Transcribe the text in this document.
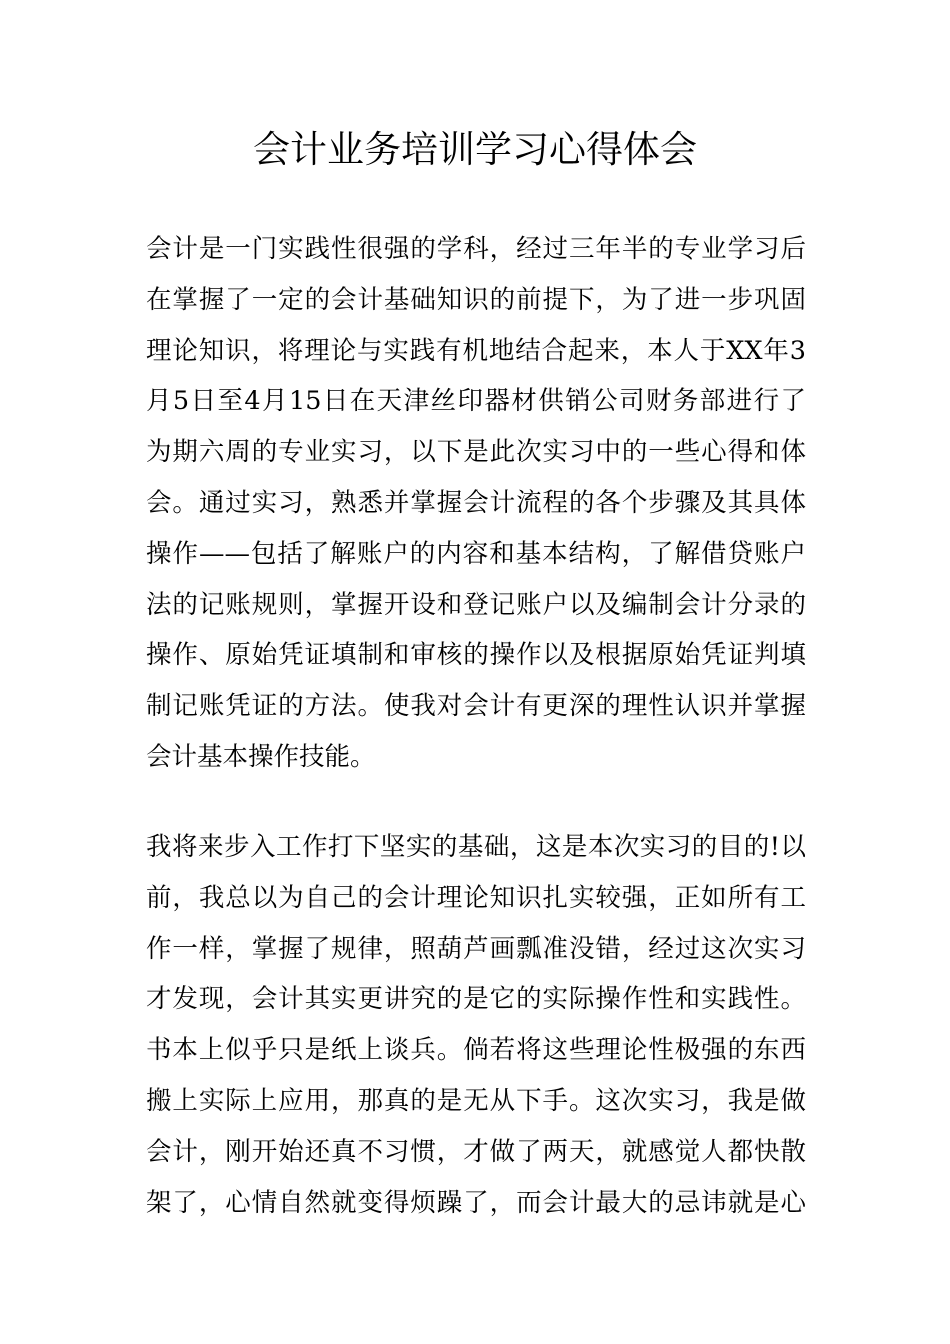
会计业务培训学习心得体会
会计是一门实践性很强的学科，经过三年半的专业学习后
在掌握了一定的会计基础知识的前提下，为了进一步巩固
理论知识，将理论与实践有机地结合起来，本人于XX年3
月5日至4月15日在天津丝印器材供销公司财务部进行了
为期六周的专业实习，以下是此次实习中的一些心得和体
会。通过实习，熟悉并掌握会计流程的各个步骤及其具体
操作——包括了解账户的内容和基本结构，了解借贷账户
法的记账规则，掌握开设和登记账户以及编制会计分录的
操作、原始凭证填制和审核的操作以及根据原始凭证判填
制记账凭证的方法。使我对会计有更深的理性认识并掌握
会计基本操作技能。
我将来步入工作打下坚实的基础，这是本次实习的目的!以
前，我总以为自己的会计理论知识扎实较强，正如所有工
作一样，掌握了规律，照葫芦画瓢准没错，经过这次实习
才发现，会计其实更讲究的是它的实际操作性和实践性。
书本上似乎只是纸上谈兵。倘若将这些理论性极强的东西
搬上实际上应用，那真的是无从下手。这次实习，我是做
会计，刚开始还真不习惯，才做了两天，就感觉人都快散
架了，心情自然就变得烦躁了，而会计最大的忌讳就是心
